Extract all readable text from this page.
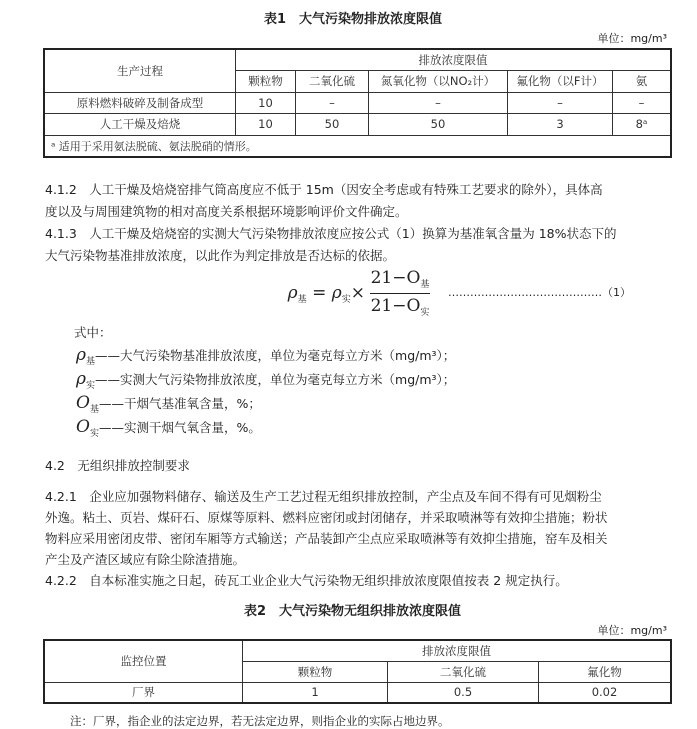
表1　大气污染物排放浓度限值
单位：mg/m³
生产过程	排放浓度限值				
	颗粒物	二氧化硫	氮氧化物（以NO₂计）	氟化物（以F计）	氨
原料燃料破碎及制备成型	10	–	–	–	–
人工干燥及焙烧	10	50	50	3	8ᵃ
ᵃ 适用于采用氨法脱硫、氨法脱硝的情形。					
4.1.2　人工干燥及焙烧窑排气筒高度应不低于 15m（因安全考虑或有特殊工艺要求的除外），具体高
度以及与周围建筑物的相对高度关系根据环境影响评价文件确定。
4.1.3　人工干燥及焙烧窑的实测大气污染物排放浓度应按公式（1）换算为基准氧含量为 18%状态下的
大气污染物基准排放浓度，以此作为判定排放是否达标的依据。
$\rho_基 = \rho_实\times$
$21-O_基$
$21-O_实$
……………………………………（1）
式中：
$\rho_基——$大气污染物基准排放浓度，单位为毫克每立方米（mg/m³）；
$\rho_实——$实测大气污染物排放浓度，单位为毫克每立方米（mg/m³）；
$O_基——$干烟气基准氧含量，%；
$O_实——$实测干烟气氧含量，%。
4.2　无组织排放控制要求
4.2.1　企业应加强物料储存、输送及生产工艺过程无组织排放控制，产尘点及车间不得有可见烟粉尘
外逸。粘土、页岩、煤矸石、原煤等原料、燃料应密闭或封闭储存，并采取喷淋等有效抑尘措施；粉状
物料应采用密闭皮带、密闭车厢等方式输送；产品装卸产尘点应采取喷淋等有效抑尘措施，窑车及相关
产尘及产渣区域应有除尘除渣措施。
4.2.2　自本标准实施之日起，砖瓦工业企业大气污染物无组织排放浓度限值按表 2 规定执行。
表2　大气污染物无组织排放浓度限值
单位：mg/m³
监控位置	排放浓度限值		
	颗粒物	二氧化硫	氟化物
厂界	1	0.5	0.02
注：厂界，指企业的法定边界，若无法定边界，则指企业的实际占地边界。
